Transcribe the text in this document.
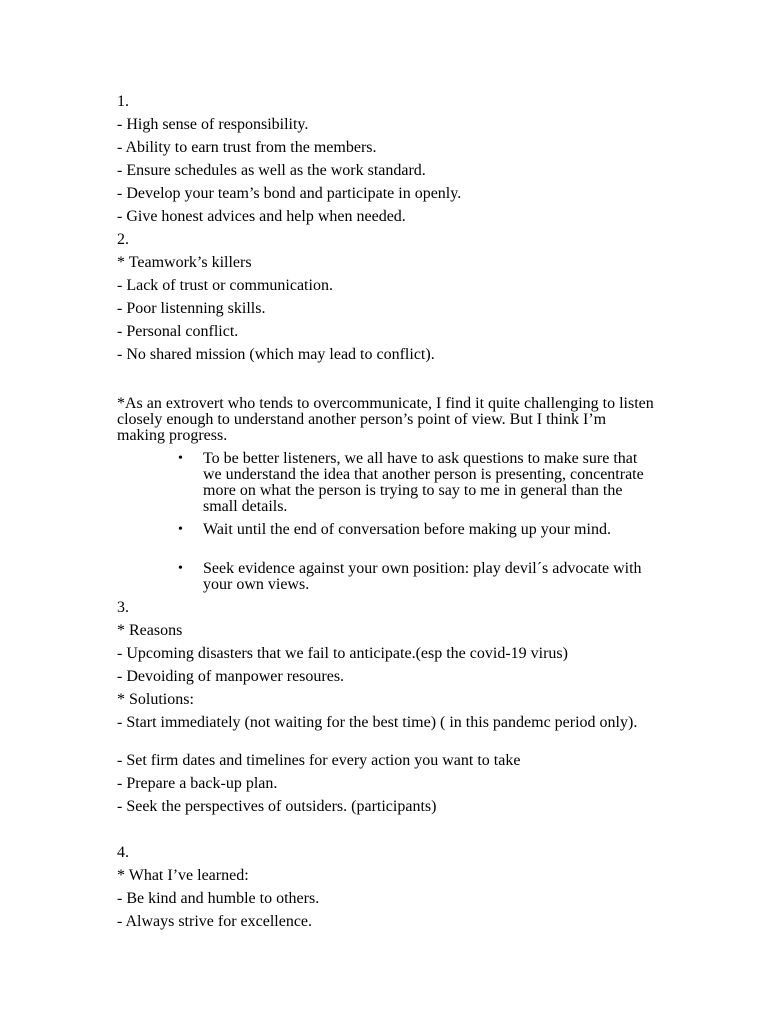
1.

- High sense of responsibility.

- Ability to earn trust from the members.

- Ensure schedules as well as the work standard.

- Develop your team’s bond and participate in openly.

- Give honest advices and help when needed.

2.

* Teamwork’s killers

- Lack of trust or communication.

- Poor listenning skills.

- Personal conflict.

- No shared mission (which may lead to conflict).

*As an extrovert who tends to overcommunicate, I find it quite challenging to listen closely enough to understand another person’s point of view. But I think I’m making progress.

• To be better listeners, we all have to ask questions to make sure that we understand the idea that another person is presenting, concentrate more on what the person is trying to say to me in general than the small details.
• Wait until the end of conversation before making up your mind.
• Seek evidence against your own position: play devil´s advocate with your own views.

3.

* Reasons

- Upcoming disasters that we fail to anticipate.(esp the covid-19 virus)

- Devoiding of manpower resoures.

* Solutions:

- Start immediately (not waiting for the best time) ( in this pandemc period only).

- Set firm dates and timelines for every action you want to take

- Prepare a back-up plan.

- Seek the perspectives of outsiders. (participants)

4.

* What I’ve learned:

- Be kind and humble to others.

- Always strive for excellence.
